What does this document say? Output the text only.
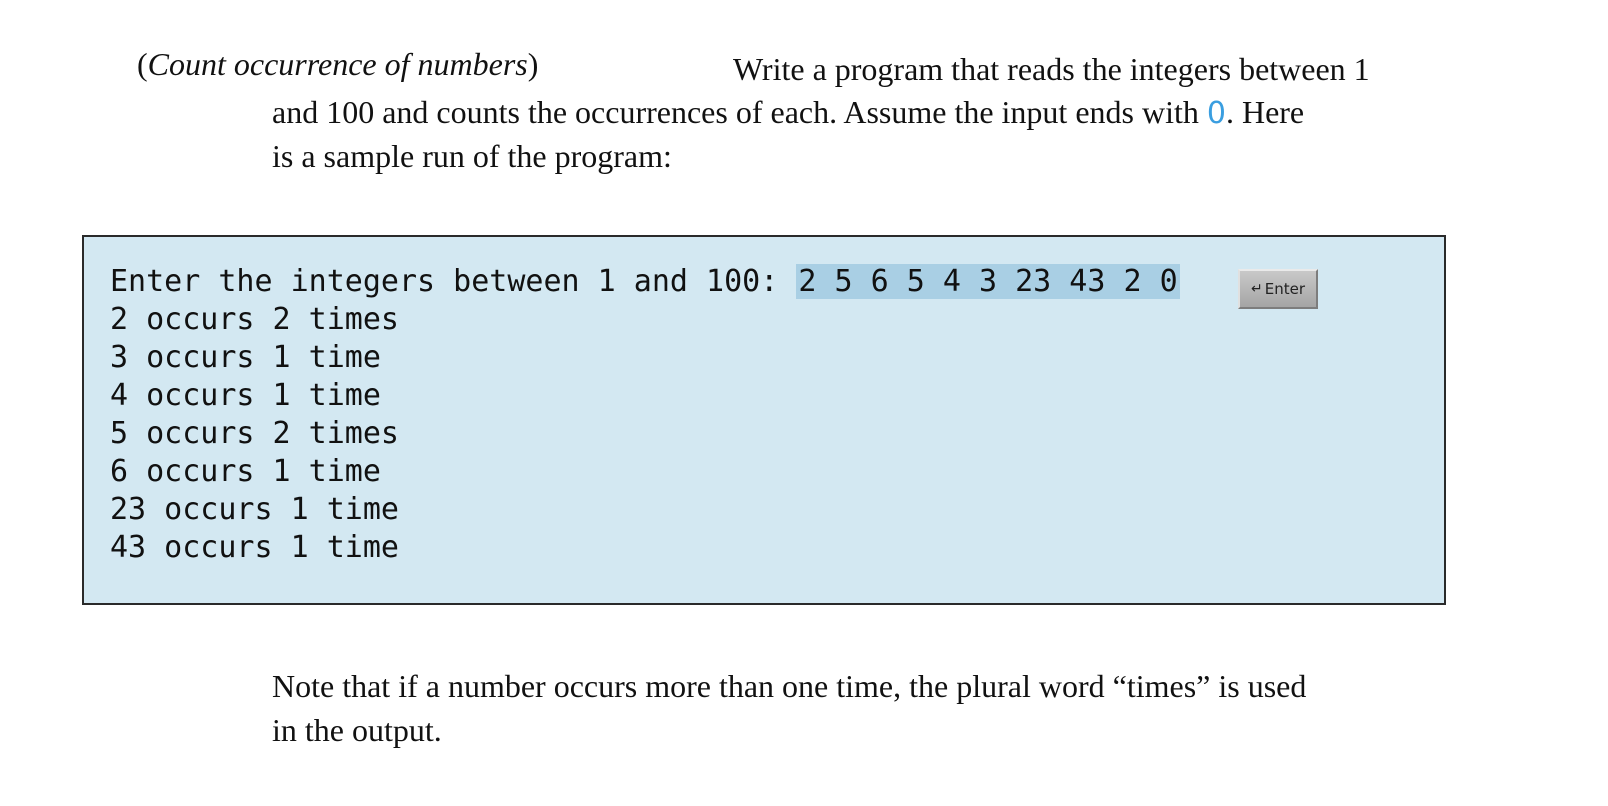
(Count occurrence of numbers)	Write a program that reads the integers between 1
and 100 and counts the occurrences of each. Assume the input ends with 0. Here
is a sample run of the program:
Enter the integers between 1 and 100: 2 5 6 5 4 3 23 43 2 0	↵ Enter
2 occurs 2 times
3 occurs 1 time
4 occurs 1 time
5 occurs 2 times
6 occurs 1 time
23 occurs 1 time
43 occurs 1 time
Note that if a number occurs more than one time, the plural word “times” is used
in the output.
